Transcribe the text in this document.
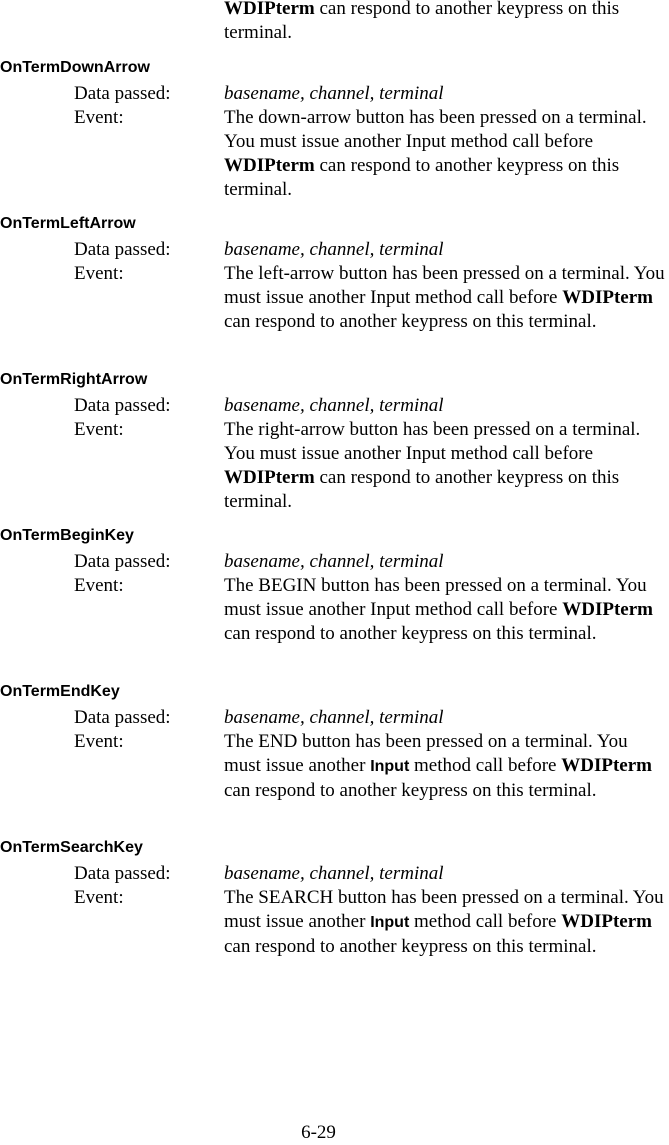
WDIPterm can respond to another keypress on this terminal.
OnTermDownArrow
Data passed:	basename, channel, terminal
Event:	The down-arrow button has been pressed on a terminal. You must issue another Input method call before WDIPterm can respond to another keypress on this terminal.
OnTermLeftArrow
Data passed:	basename, channel, terminal
Event:	The left-arrow button has been pressed on a terminal. You must issue another Input method call before WDIPterm can respond to another keypress on this terminal.
OnTermRightArrow
Data passed:	basename, channel, terminal
Event:	The right-arrow button has been pressed on a terminal. You must issue another Input method call before WDIPterm can respond to another keypress on this terminal.
OnTermBeginKey
Data passed:	basename, channel, terminal
Event:	The BEGIN button has been pressed on a terminal. You must issue another Input method call before WDIPterm can respond to another keypress on this terminal.
OnTermEndKey
Data passed:	basename, channel, terminal
Event:	The END button has been pressed on a terminal. You must issue another Input method call before WDIPterm can respond to another keypress on this terminal.
OnTermSearchKey
Data passed:	basename, channel, terminal
Event:	The SEARCH button has been pressed on a terminal. You must issue another Input method call before WDIPterm can respond to another keypress on this terminal.
6-29
